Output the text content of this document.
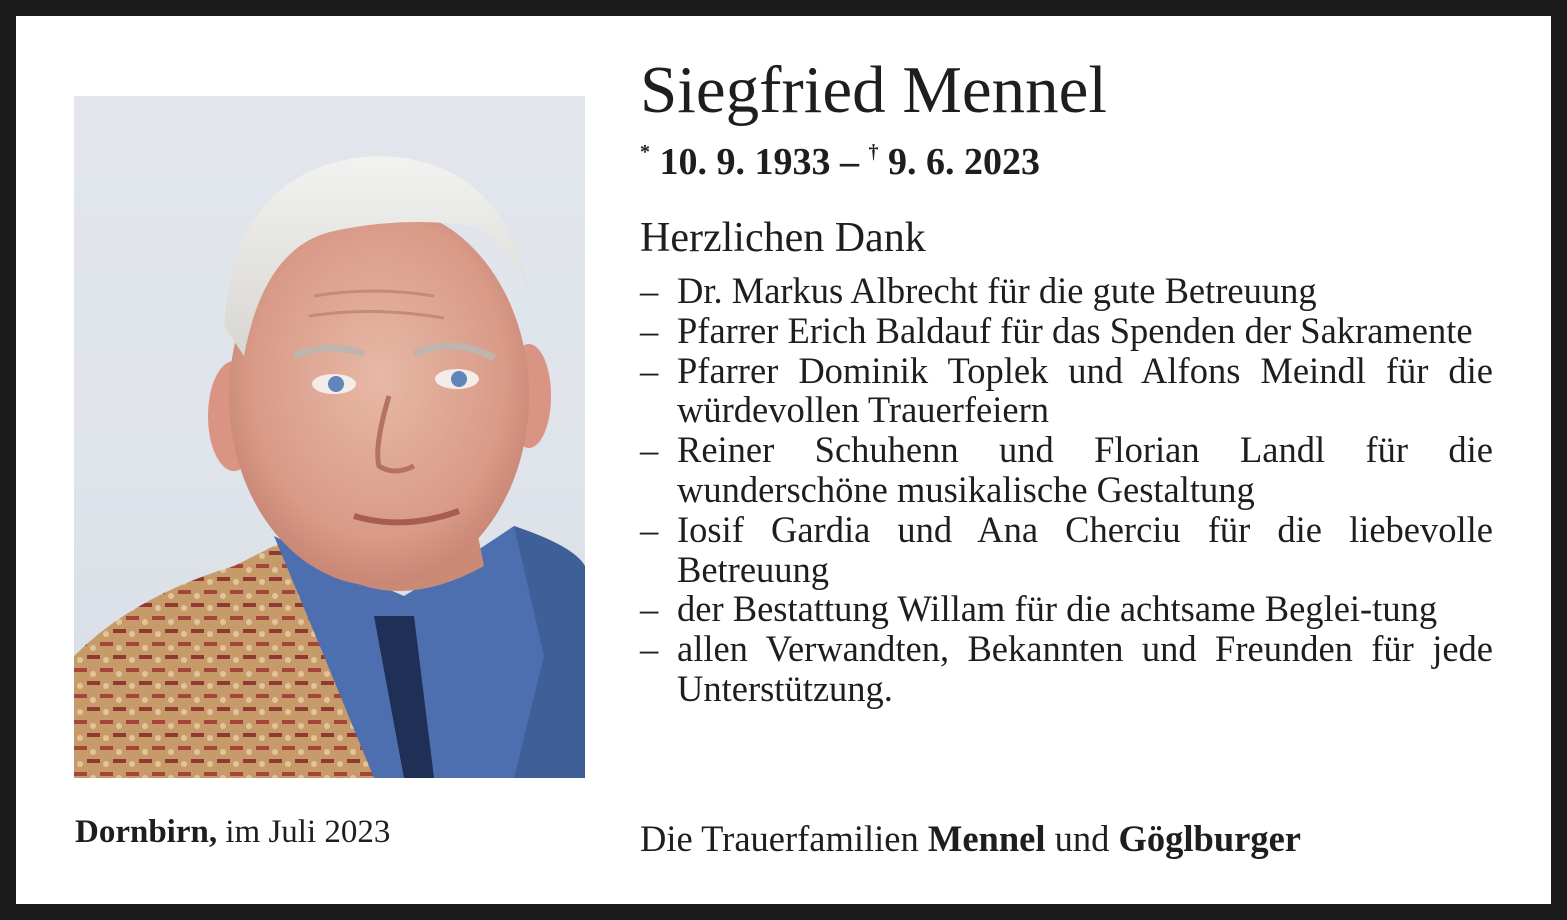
Dornbirn, im Juli 2023
Siegfried Mennel
* 10. 9. 1933 – † 9. 6. 2023
Herzlichen Dank
– Dr. Markus Albrecht für die gute Betreuung
– Pfarrer Erich Baldauf für das Spenden der Sakramente
– Pfarrer Dominik Toplek und Alfons Meindl für die würdevollen Trauerfeiern
– Reiner Schuhenn und Florian Landl für die wunderschöne musikalische Gestaltung
– Iosif Gardia und Ana Cherciu für die liebevolle Betreuung
– der Bestattung Willam für die achtsame Beglei-tung
– allen Verwandten, Bekannten und Freunden für jede Unterstützung.
Die Trauerfamilien Mennel und Göglburger
